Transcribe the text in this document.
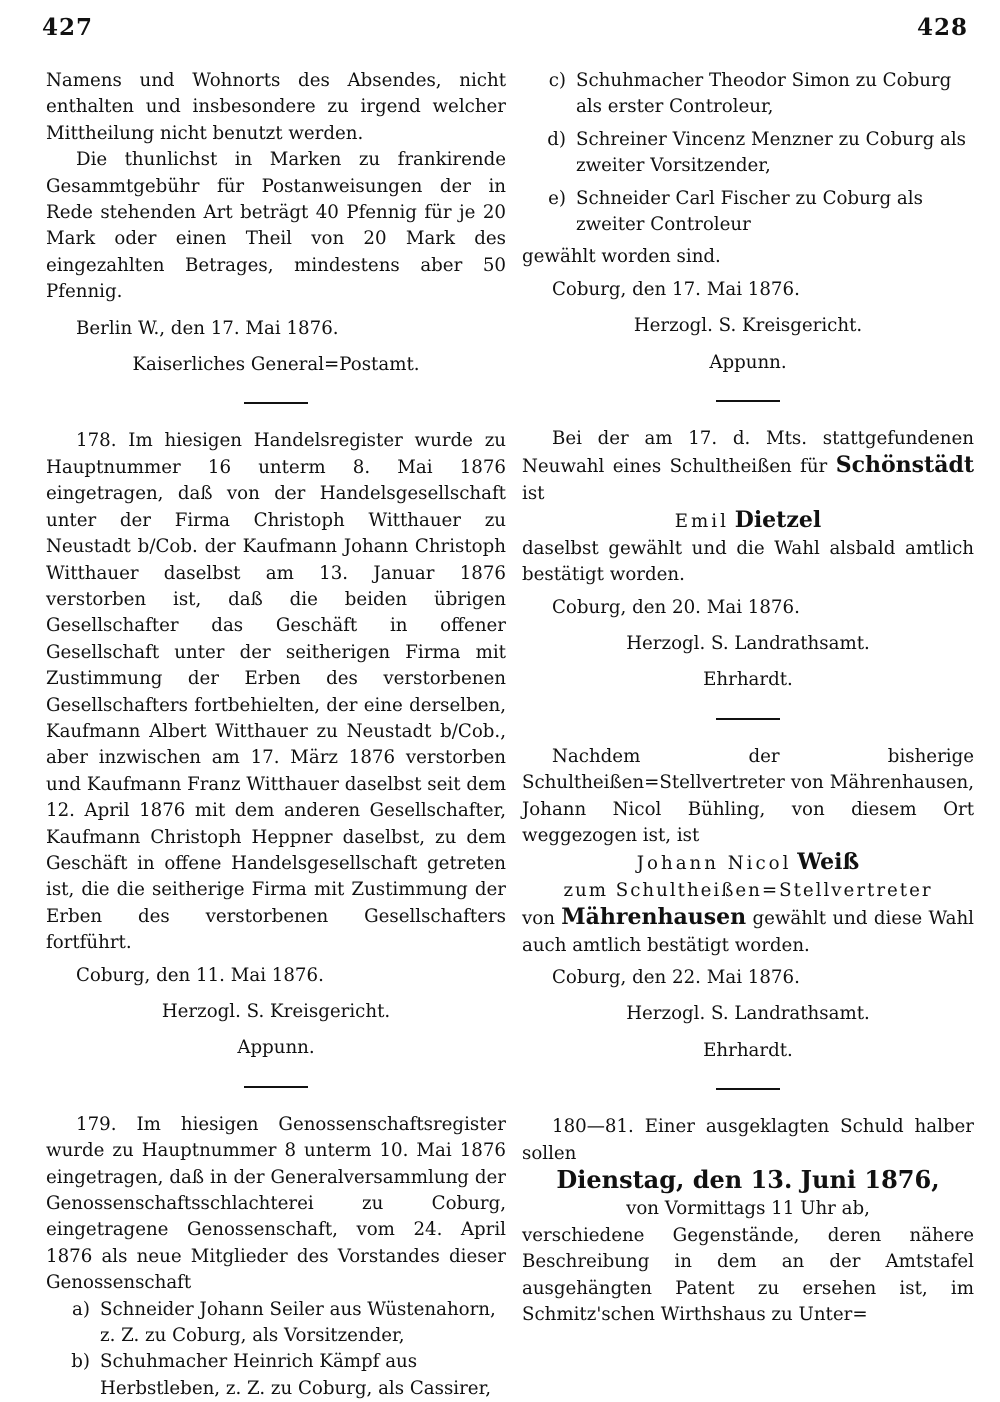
427	428

Namens und Wohnorts des Absendes, nicht enthalten und insbesondere zu irgend welcher Mittheilung nicht benutzt werden.

Die thunlichst in Marken zu frankirende Gesammtgebühr für Postanweisungen der in Rede stehenden Art beträgt 40 Pfennig für je 20 Mark oder einen Theil von 20 Mark des eingezahlten Betrages, mindestens aber 50 Pfennig.

Berlin W., den 17. Mai 1876.

Kaiserliches General=Postamt.

178. Im hiesigen Handelsregister wurde zu Hauptnummer 16 unterm 8. Mai 1876 eingetragen, daß von der Handelsgesellschaft unter der Firma Christoph Witthauer zu Neustadt b/Cob. der Kaufmann Johann Christoph Witthauer daselbst am 13. Januar 1876 verstorben ist, daß die beiden übrigen Gesellschafter das Geschäft in offener Gesellschaft unter der seitherigen Firma mit Zustimmung der Erben des verstorbenen Gesellschafters fortbehielten, der eine derselben, Kaufmann Albert Witthauer zu Neustadt b/Cob., aber inzwischen am 17. März 1876 verstorben und Kaufmann Franz Witthauer daselbst seit dem 12. April 1876 mit dem anderen Gesellschafter, Kaufmann Christoph Heppner daselbst, zu dem Geschäft in offene Handelsgesellschaft getreten ist, die die seitherige Firma mit Zustimmung der Erben des verstorbenen Gesellschafters fortführt.

Coburg, den 11. Mai 1876.

Herzogl. S. Kreisgericht.

Appunn.

179. Im hiesigen Genossenschaftsregister wurde zu Hauptnummer 8 unterm 10. Mai 1876 eingetragen, daß in der Generalversammlung der Genossenschaftsschlachterei zu Coburg, eingetragene Genossenschaft, vom 24. April 1876 als neue Mitglieder des Vorstandes dieser Genossenschaft

a) Schneider Johann Seiler aus Wüstenahorn, z. Z. zu Coburg, als Vorsitzender,
b) Schuhmacher Heinrich Kämpf aus Herbstleben, z. Z. zu Coburg, als Cassirer,
c) Schuhmacher Theodor Simon zu Coburg als erster Controleur,
d) Schreiner Vincenz Menzner zu Coburg als zweiter Vorsitzender,
e) Schneider Carl Fischer zu Coburg als zweiter Controleur

gewählt worden sind.

Coburg, den 17. Mai 1876.

Herzogl. S. Kreisgericht.

Appunn.

Bei der am 17. d. Mts. stattgefundenen Neuwahl eines Schultheißen für Schönstädt ist

Emil Dietzel

daselbst gewählt und die Wahl alsbald amtlich bestätigt worden.

Coburg, den 20. Mai 1876.

Herzogl. S. Landrathsamt.

Ehrhardt.

Nachdem der bisherige Schultheißen=Stellvertreter von Mährenhausen, Johann Nicol Bühling, von diesem Ort weggezogen ist, ist

Johann Nicol Weiß

zum Schultheißen=Stellvertreter

von Mährenhausen gewählt und diese Wahl auch amtlich bestätigt worden.

Coburg, den 22. Mai 1876.

Herzogl. S. Landrathsamt.

Ehrhardt.

180—81. Einer ausgeklagten Schuld halber sollen

Dienstag, den 13. Juni 1876,

von Vormittags 11 Uhr ab,

verschiedene Gegenstände, deren nähere Beschreibung in dem an der Amtstafel ausgehängten Patent zu ersehen ist, im Schmitz'schen Wirthshaus zu Unter=
